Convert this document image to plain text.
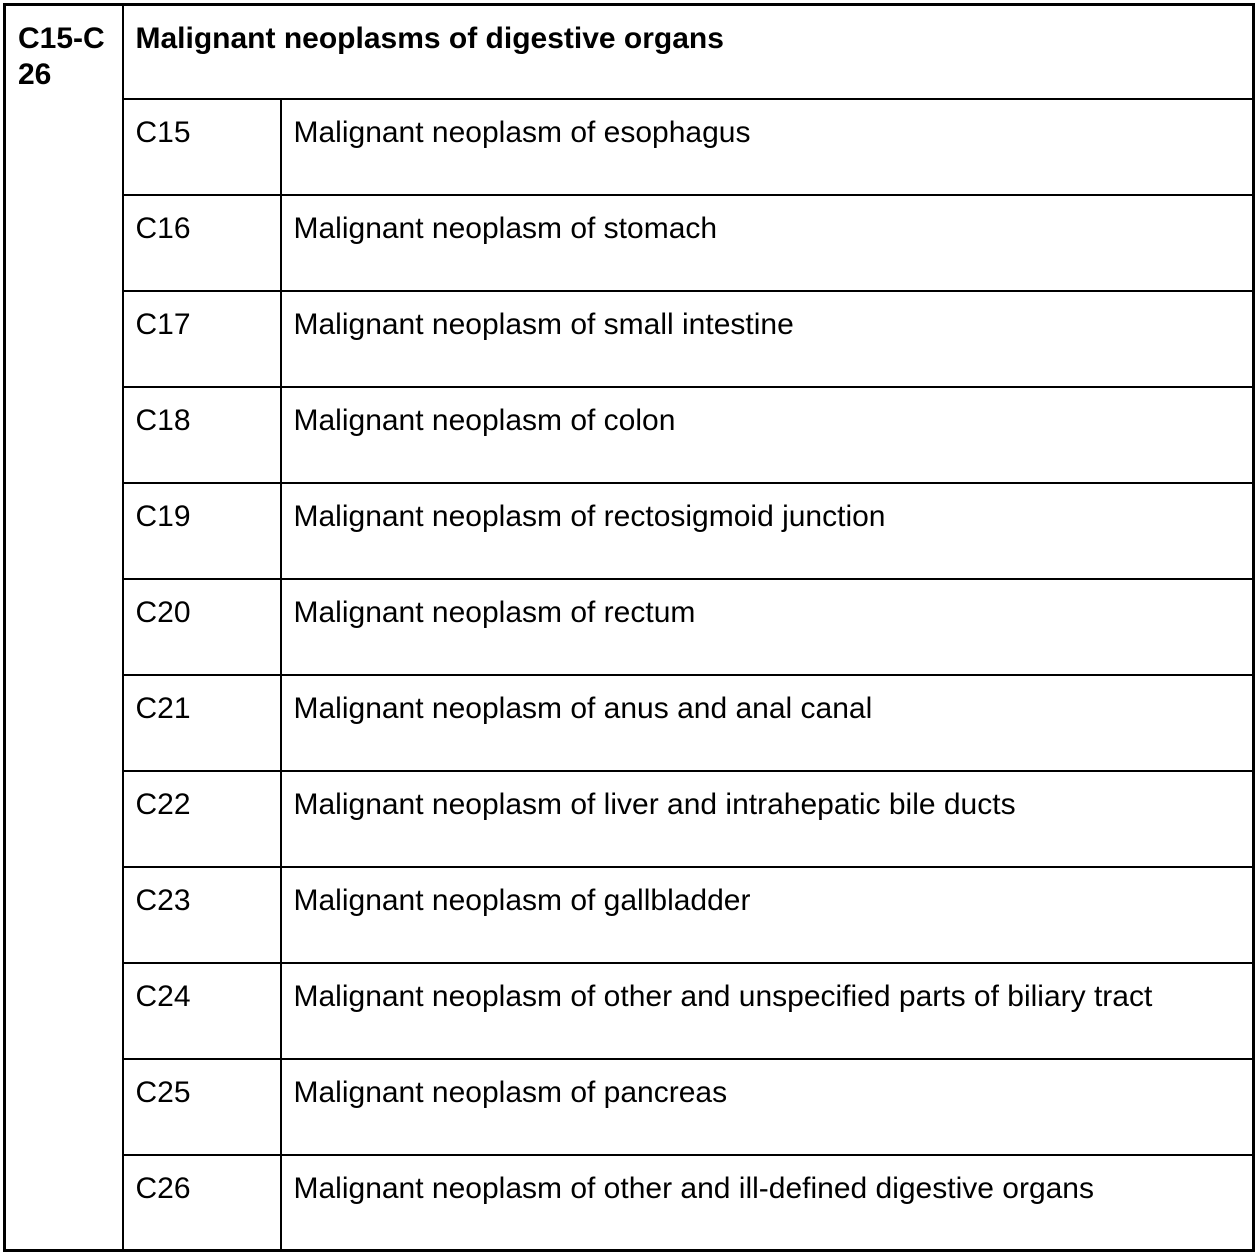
C15-C26	Malignant neoplasms of digestive organs	
	C15	Malignant neoplasm of esophagus
	C16	Malignant neoplasm of stomach
	C17	Malignant neoplasm of small intestine
	C18	Malignant neoplasm of colon
	C19	Malignant neoplasm of rectosigmoid junction
	C20	Malignant neoplasm of rectum
	C21	Malignant neoplasm of anus and anal canal
	C22	Malignant neoplasm of liver and intrahepatic bile ducts
	C23	Malignant neoplasm of gallbladder
	C24	Malignant neoplasm of other and unspecified parts of biliary tract
	C25	Malignant neoplasm of pancreas
	C26	Malignant neoplasm of other and ill-defined digestive organs
